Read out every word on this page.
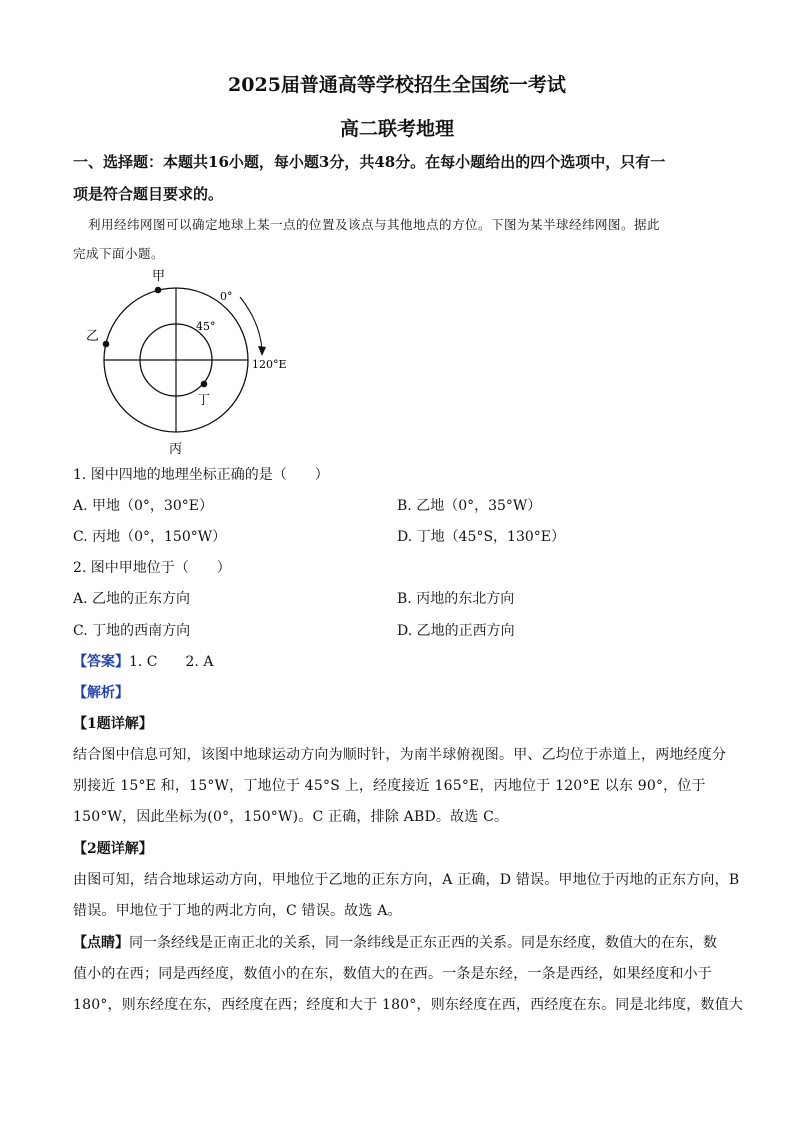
2025届普通高等学校招生全国统一考试
高二联考地理
一、选择题：本题共16小题，每小题3分，共48分。在每小题给出的四个选项中，只有一
项是符合题目要求的。
利用经纬网图可以确定地球上某一点的位置及该点与其他地点的方位。下图为某半球经纬网图。据此
完成下面小题。
甲
乙
丙
丁
0°
45°
120°E
1. 图中四地的地理坐标正确的是（　　）
A. 甲地（0°，30°E）	B. 乙地（0°，35°W）
C. 丙地（0°，150°W）	D. 丁地（45°S，130°E）
2. 图中甲地位于（　　）
A. 乙地的正东方向	B. 丙地的东北方向
C. 丁地的西南方向	D. 乙地的正西方向
【答案】1. C　　2. A
【解析】
【1题详解】
结合图中信息可知，该图中地球运动方向为顺时针，为南半球俯视图。甲、乙均位于赤道上，两地经度分
别接近 15°E 和，15°W，丁地位于 45°S 上，经度接近 165°E，丙地位于 120°E 以东 90°，位于
150°W，因此坐标为(0°，150°W)。C 正确，排除 ABD。故选 C。
【2题详解】
由图可知，结合地球运动方向，甲地位于乙地的正东方向，A 正确，D 错误。甲地位于丙地的正东方向，B
错误。甲地位于丁地的两北方向，C 错误。故选 A。
【点睛】同一条经线是正南正北的关系，同一条纬线是正东正西的关系。同是东经度，数值大的在东，数
值小的在西；同是西经度，数值小的在东，数值大的在西。一条是东经，一条是西经，如果经度和小于
180°，则东经度在东，西经度在西；经度和大于 180°，则东经度在西，西经度在东。同是北纬度，数值大
